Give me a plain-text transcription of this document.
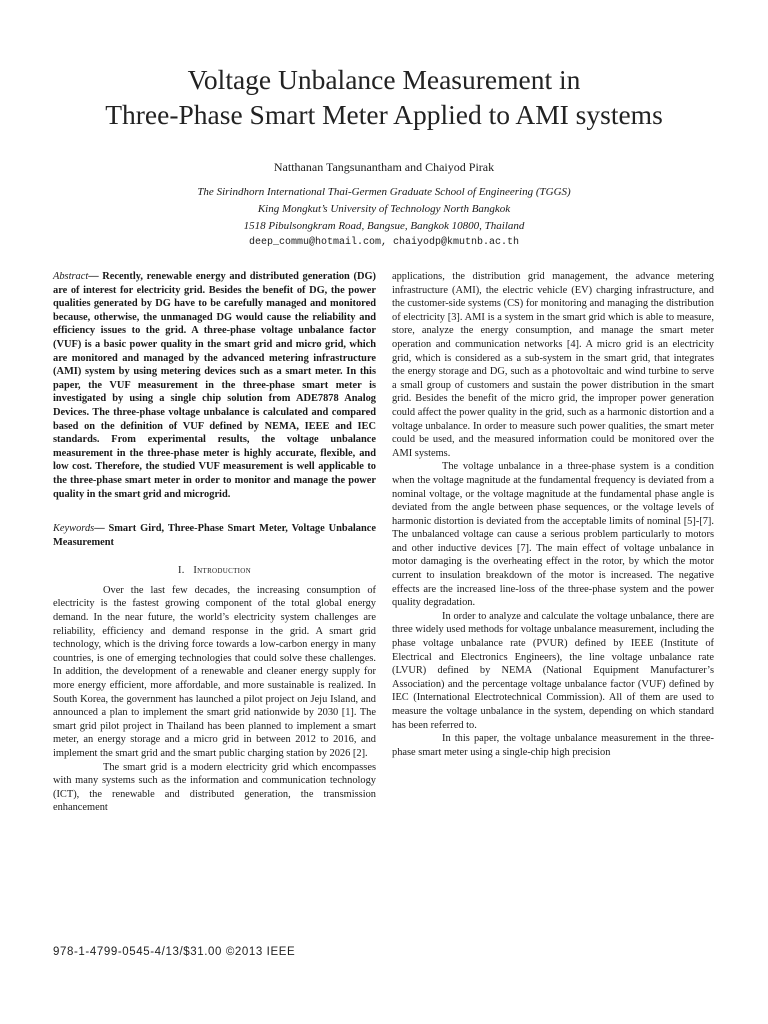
Voltage Unbalance Measurement in
Three-Phase Smart Meter Applied to AMI systems
Natthanan Tangsunantham and Chaiyod Pirak
The Sirindhorn International Thai-Germen Graduate School of Engineering (TGGS)
King Mongkut’s University of Technology North Bangkok
1518 Pibulsongkram Road, Bangsue, Bangkok 10800, Thailand
deep_commu@hotmail.com, chaiyodp@kmutnb.ac.th

Abstract— Recently, renewable energy and distributed generation (DG) are of interest for electricity grid. Besides the benefit of DG, the power qualities generated by DG have to be carefully managed and monitored because, otherwise, the unmanaged DG would cause the reliability and efficiency issues to the grid. A three-phase voltage unbalance factor (VUF) is a basic power quality in the smart grid and micro grid, which are monitored and managed by the advanced metering infrastructure (AMI) system by using metering devices such as a smart meter. In this paper, the VUF measurement in the three-phase smart meter is investigated by using a single chip solution from ADE7878 Analog Devices. The three-phase voltage unbalance is calculated and compared based on the definition of VUF defined by NEMA, IEEE and IEC standards. From experimental results, the voltage unbalance measurement in the three-phase meter is highly accurate, flexible, and low cost. Therefore, the studied VUF measurement is well applicable to the three-phase smart meter in order to monitor and manage the power quality in the smart grid and microgrid.

Keywords— Smart Gird, Three-Phase Smart Meter, Voltage Unbalance Measurement

I. Introduction

Over the last few decades, the increasing consumption of electricity is the fastest growing component of the total global energy demand. In the near future, the world’s electricity system challenges are reliability, efficiency and demand response in the grid. A smart grid technology, which is the driving force towards a low-carbon energy in many countries, is one of emerging technologies that could solve these challenges. In addition, the development of a renewable and cleaner energy supply for more energy efficient, more affordable, and more sustainable is realized. In South Korea, the government has launched a pilot project on Jeju Island, and announced a plan to implement the smart grid nationwide by 2030 [1]. The smart grid pilot project in Thailand has been planned to implement a smart meter, an energy storage and a micro grid in between 2012 to 2016, and implement the smart grid and the smart public charging station by 2026 [2].

The smart grid is a modern electricity grid which encompasses with many systems such as the information and communication technology (ICT), the renewable and distributed generation, the transmission enhancement

applications, the distribution grid management, the advance metering infrastructure (AMI), the electric vehicle (EV) charging infrastructure, and the customer-side systems (CS) for monitoring and managing the distribution of electricity [3]. AMI is a system in the smart grid which is able to measure, store, analyze the energy consumption, and manage the smart meter operation and communication networks [4]. A micro grid is an electricity grid, which is considered as a sub-system in the smart grid, that integrates the energy storage and DG, such as a photovoltaic and wind turbine to serve a small group of customers and sustain the power distribution in the smart grid. Besides the benefit of the micro grid, the improper power generation could affect the power quality in the grid, such as a harmonic distortion and a voltage unbalance. In order to measure such power qualities, the smart meter could be used, and the measured information could be monitored over the AMI systems.

The voltage unbalance in a three-phase system is a condition when the voltage magnitude at the fundamental frequency is deviated from a nominal voltage, or the voltage magnitude at the fundamental phase angle is deviated from the angle between phase sequences, or the voltage levels of harmonic distortion is deviated from the acceptable limits of nominal [5]-[7]. The unbalanced voltage can cause a serious problem particularly to motors and other inductive devices [7]. The main effect of voltage unbalance in motor damaging is the overheating effect in the rotor, by which the motor current to insulation breakdown of the motor is increased. The negative effects are the increased line-loss of the three-phase system and the power quality degradation.

In order to analyze and calculate the voltage unbalance, there are three widely used methods for voltage unbalance measurement, including the phase voltage unbalance rate (PVUR) defined by IEEE (Institute of Electrical and Electronics Engineers), the line voltage unbalance rate (LVUR) defined by NEMA (National Equipment Manufacturer’s Association) and the percentage voltage unbalance factor (VUF) defined by IEC (International Electrotechnical Commission). All of them are used to measure the voltage unbalance in the system, depending on which standard has been referred to.

In this paper, the voltage unbalance measurement in the three-phase smart meter using a single-chip high precision

978-1-4799-0545-4/13/$31.00 ©2013 IEEE
